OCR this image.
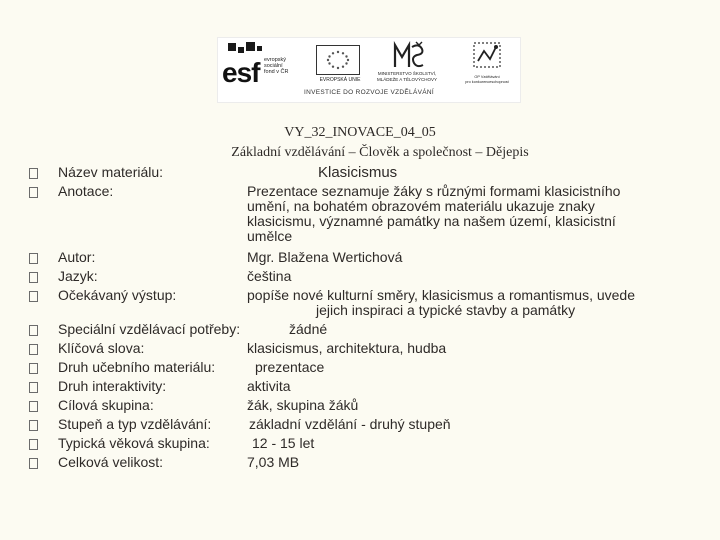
esf evropský
sociální
fond v ČR
EVROPSKÁ UNIE
MINISTERSTVO ŠKOLSTVÍ,
MLÁDEŽE A TĚLOVÝCHOVY	OP Vzdělávání
pro konkurenceschopnost
INVESTICE DO ROZVOJE VZDĚLÁVÁNÍ
VY_32_INOVACE_04_05
Základní vzdělávání – Člověk a společnost – Dějepis
Název materiálu:	Klasicismus
Anotace:	Prezentace seznamuje žáky s různými formami klasicistního
umění, na bohatém obrazovém materiálu ukazuje znaky
klasicismu, významné památky na našem území, klasicistní
umělce
Autor:	Mgr. Blažena Wertichová
Jazyk:	čeština
Očekávaný výstup:	popíše nové kulturní směry, klasicismus a romantismus, uvede
jejich inspiraci a typické stavby a památky
Speciální vzdělávací potřeby:	žádné
Klíčová slova:	klasicismus, architektura, hudba
Druh učebního materiálu:	prezentace
Druh interaktivity:	aktivita
Cílová skupina:	žák, skupina žáků
Stupeň a typ vzdělávání:	základní vzdělání - druhý stupeň
Typická věková skupina:	12 - 15 let
Celková velikost:	7,03 MB
